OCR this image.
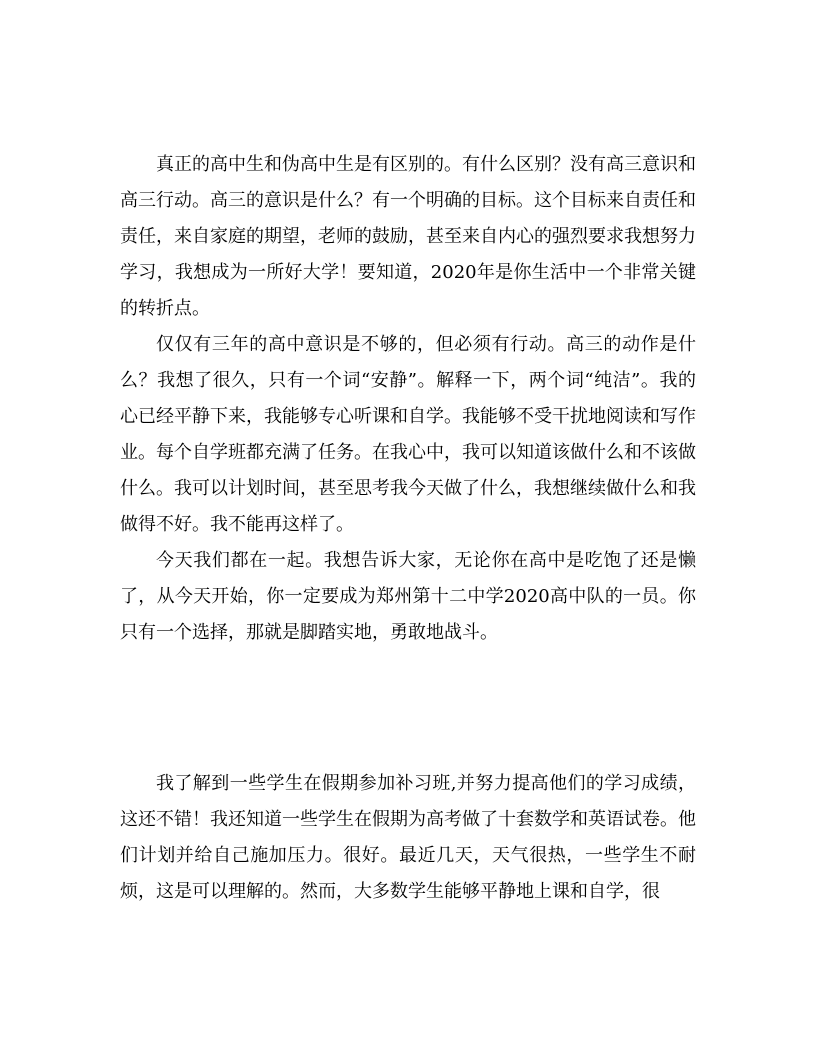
真正的高中生和伪高中生是有区别的。有什么区别？没有高三意识和高三行动。高三的意识是什么？有一个明确的目标。这个目标来自责任和责任，来自家庭的期望，老师的鼓励，甚至来自内心的强烈要求我想努力学习，我想成为一所好大学！要知道，2020年是你生活中一个非常关键的转折点。

仅仅有三年的高中意识是不够的，但必须有行动。高三的动作是什么？我想了很久，只有一个词“安静”。解释一下，两个词“纯洁”。我的心已经平静下来，我能够专心听课和自学。我能够不受干扰地阅读和写作业。每个自学班都充满了任务。在我心中，我可以知道该做什么和不该做什么。我可以计划时间，甚至思考我今天做了什么，我想继续做什么和我做得不好。我不能再这样了。

今天我们都在一起。我想告诉大家，无论你在高中是吃饱了还是懒了，从今天开始，你一定要成为郑州第十二中学2020高中队的一员。你只有一个选择，那就是脚踏实地，勇敢地战斗。

我了解到一些学生在假期参加补习班,并努力提高他们的学习成绩，这还不错！我还知道一些学生在假期为高考做了十套数学和英语试卷。他们计划并给自己施加压力。很好。最近几天，天气很热，一些学生不耐烦，这是可以理解的。然而，大多数学生能够平静地上课和自学，很
